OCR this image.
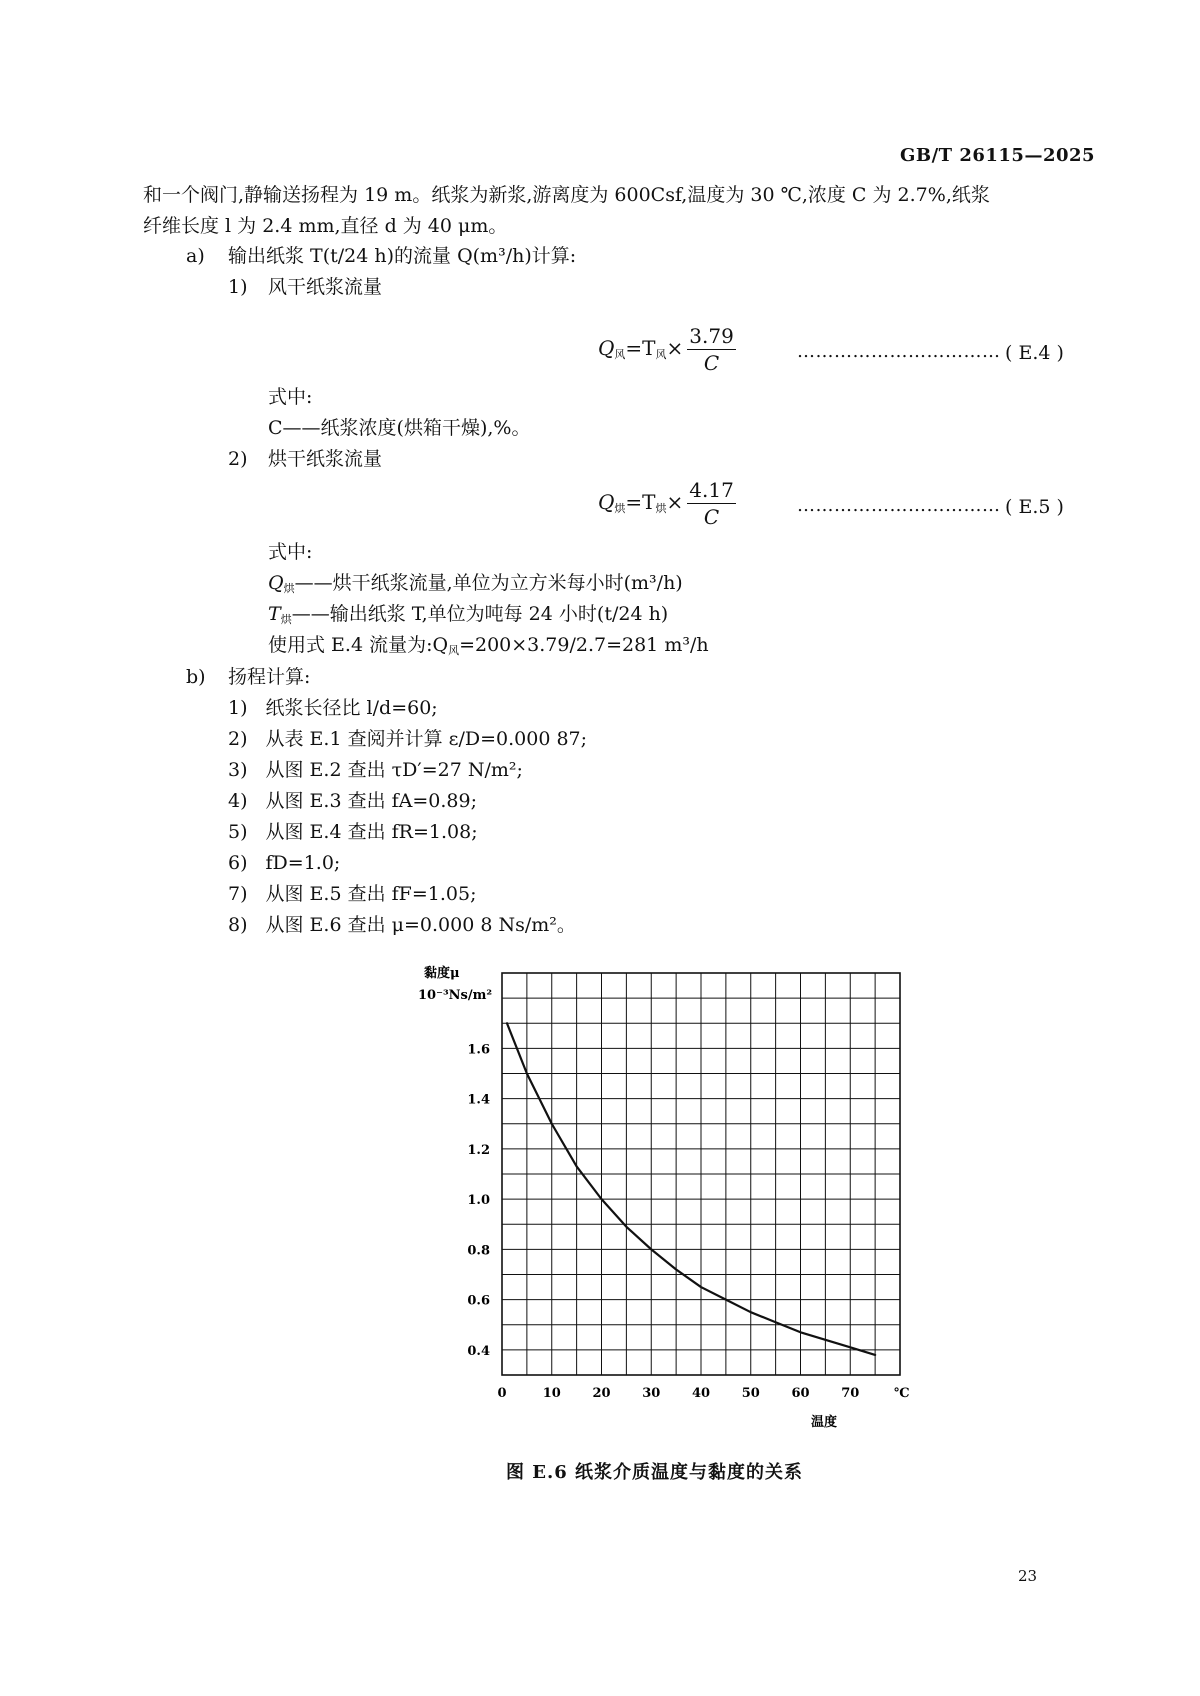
GB/T 26115—2025
和一个阀门,静输送扬程为 19 m。纸浆为新浆,游离度为 600Csf,温度为 30 ℃,浓度 C 为 2.7%,纸浆
纤维长度 l 为 2.4 mm,直径 d 为 40 μm。
a) 输出纸浆 T(t/24 h)的流量 Q(m³/h)计算:
1) 风干纸浆流量
$Q_风=T_风\times \frac{3.79}{C}$	…………………………… ( E.4 )
式中:
C——纸浆浓度(烘箱干燥),%。
2) 烘干纸浆流量
$Q_烘=T_烘\times \frac{4.17}{C}$	…………………………… ( E.5 )
式中:
$Q_烘——$烘干纸浆流量,单位为立方米每小时(m³/h)
$T_烘——$输出纸浆 T,单位为吨每 24 小时(t/24 h)
使用式 E.4 流量为$:Q_风=200\times 3.79/2.7=281$ m³/h
b) 扬程计算:
1) 纸浆长径比 l/d=60;
2) 从表 E.1 查阅并计算 ε/D=0.000 87;
3) 从图 E.2 查出 τD′=27 N/m²;
4) 从图 E.3 查出 fA=0.89;
5) 从图 E.4 查出 fR=1.08;
6) fD=1.0;
7) 从图 E.5 查出 fF=1.05;
8) 从图 E.6 查出 μ=0.000 8 Ns/m²。
0	10 20 30 40 50 60 70
0.4
0.6
0.8
1.0
1.2
1.4
1.6
黏度μ
10⁻³Ns/m²
℃
温度
图 E.6 纸浆介质温度与黏度的关系
23
